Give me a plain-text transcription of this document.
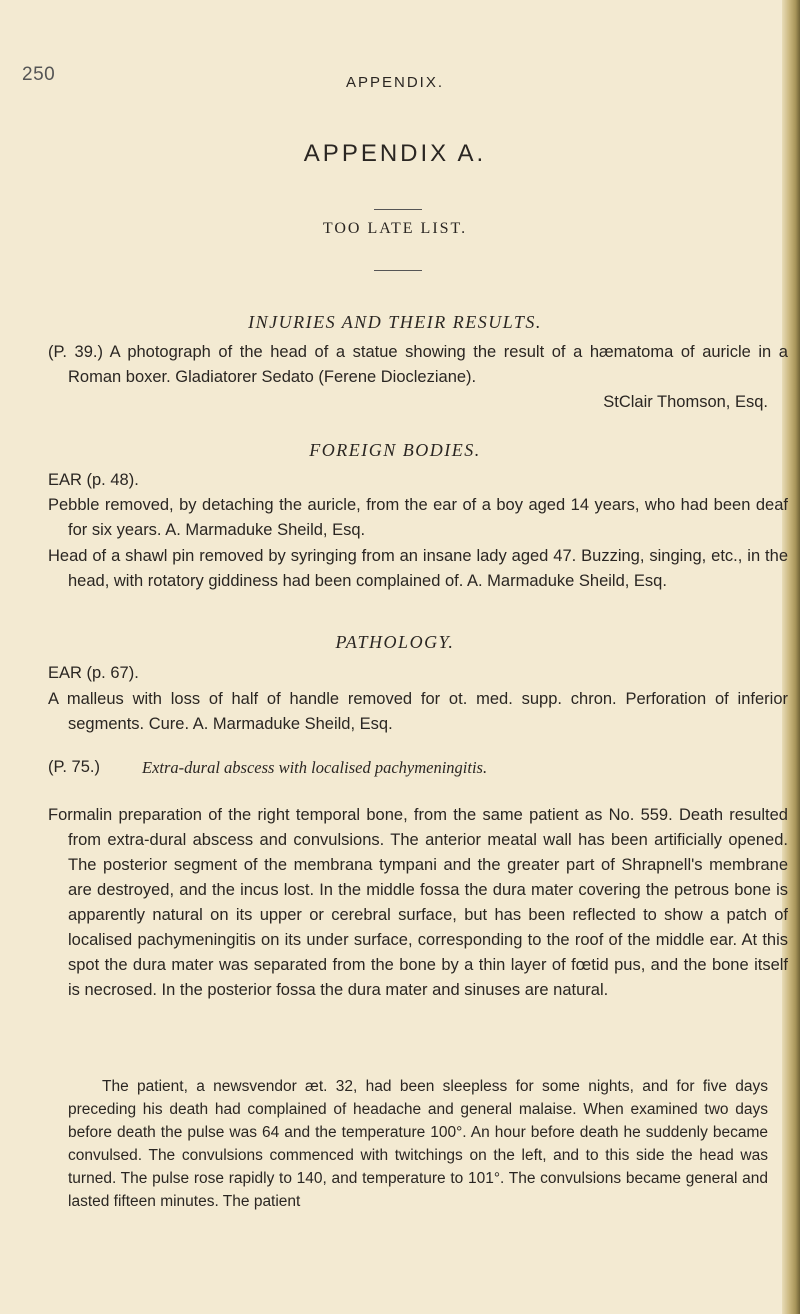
250	APPENDIX.
APPENDIX A.
TOO LATE LIST.
INJURIES AND THEIR RESULTS.

(P. 39.) A photograph of the head of a statue showing the result of a hæmatoma of auricle in a Roman boxer. Gladiatorer Sedato (Ferene Diocleziane).

StClair Thomson, Esq.

FOREIGN BODIES.

EAR (p. 48).

Pebble removed, by detaching the auricle, from the ear of a boy aged 14 years, who had been deaf for six years. A. Marmaduke Sheild, Esq.

Head of a shawl pin removed by syringing from an insane lady aged 47. Buzzing, singing, etc., in the head, with rotatory giddiness had been complained of. A. Marmaduke Sheild, Esq.

PATHOLOGY.

EAR (p. 67).

A malleus with loss of half of handle removed for ot. med. supp. chron. Perforation of inferior segments. Cure. A. Marmaduke Sheild, Esq.

(P. 75.)	Extra-dural abscess with localised pachymeningitis.

Formalin preparation of the right temporal bone, from the same patient as No. 559. Death resulted from extra-dural abscess and convulsions. The anterior meatal wall has been artificially opened. The posterior segment of the membrana tympani and the greater part of Shrapnell's membrane are destroyed, and the incus lost. In the middle fossa the dura mater covering the petrous bone is apparently natural on its upper or cerebral surface, but has been reflected to show a patch of localised pachymeningitis on its under surface, corresponding to the roof of the middle ear. At this spot the dura mater was separated from the bone by a thin layer of fœtid pus, and the bone itself is necrosed. In the posterior fossa the dura mater and sinuses are natural.

The patient, a newsvendor æt. 32, had been sleepless for some nights, and for five days preceding his death had complained of headache and general malaise. When examined two days before death the pulse was 64 and the temperature 100°. An hour before death he suddenly became convulsed. The convulsions commenced with twitchings on the left, and to this side the head was turned. The pulse rose rapidly to 140, and temperature to 101°. The convulsions became general and lasted fifteen minutes. The patient
